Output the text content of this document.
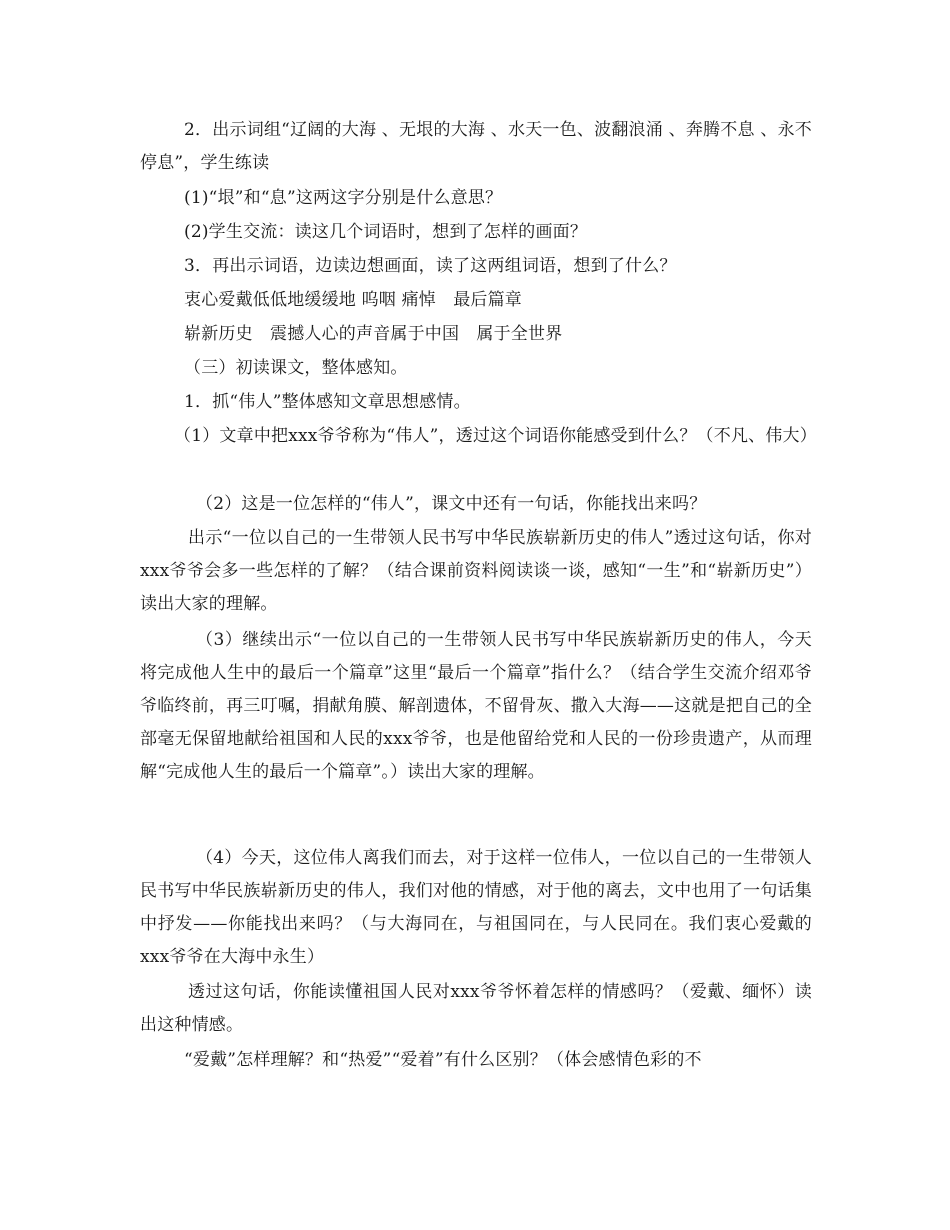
2．出示词组“辽阔的大海 、无垠的大海 、水天一色、波翻浪涌 、奔腾不息 、永不停息”，学生练读

(1)“垠”和“息”这两这字分别是什么意思？

(2)学生交流：读这几个词语时，想到了怎样的画面？

3．再出示词语，边读边想画面，读了这两组词语，想到了什么？

衷心爱戴低低地缓缓地 呜咽 痛悼　最后篇章

崭新历史　震撼人心的声音属于中国　属于全世界

（三）初读课文，整体感知。

1．抓“伟人”整体感知文章思想感情。

（1）文章中把xxx爷爷称为“伟人”，透过这个词语你能感受到什么？（不凡、伟大）

（2）这是一位怎样的“伟人”，课文中还有一句话，你能找出来吗？

出示“一位以自己的一生带领人民书写中华民族崭新历史的伟人”透过这句话，你对xxx爷爷会多一些怎样的了解？（结合课前资料阅读谈一谈，感知“一生”和“崭新历史”）读出大家的理解。

（3）继续出示“一位以自己的一生带领人民书写中华民族崭新历史的伟人，今天将完成他人生中的最后一个篇章”这里“最后一个篇章”指什么？（结合学生交流介绍邓爷爷临终前，再三叮嘱，捐献角膜、解剖遗体，不留骨灰、撒入大海——这就是把自己的全部毫无保留地献给祖国和人民的xxx爷爷，也是他留给党和人民的一份珍贵遗产，从而理解“完成他人生的最后一个篇章”。）读出大家的理解。

（4）今天，这位伟人离我们而去，对于这样一位伟人，一位以自己的一生带领人民书写中华民族崭新历史的伟人，我们对他的情感，对于他的离去，文中也用了一句话集中抒发——你能找出来吗？（与大海同在，与祖国同在，与人民同在。我们衷心爱戴的xxx爷爷在大海中永生）

透过这句话，你能读懂祖国人民对xxx爷爷怀着怎样的情感吗？（爱戴、缅怀）读出这种情感。

“爱戴”怎样理解？和“热爱”“爱着”有什么区别？（体会感情色彩的不
